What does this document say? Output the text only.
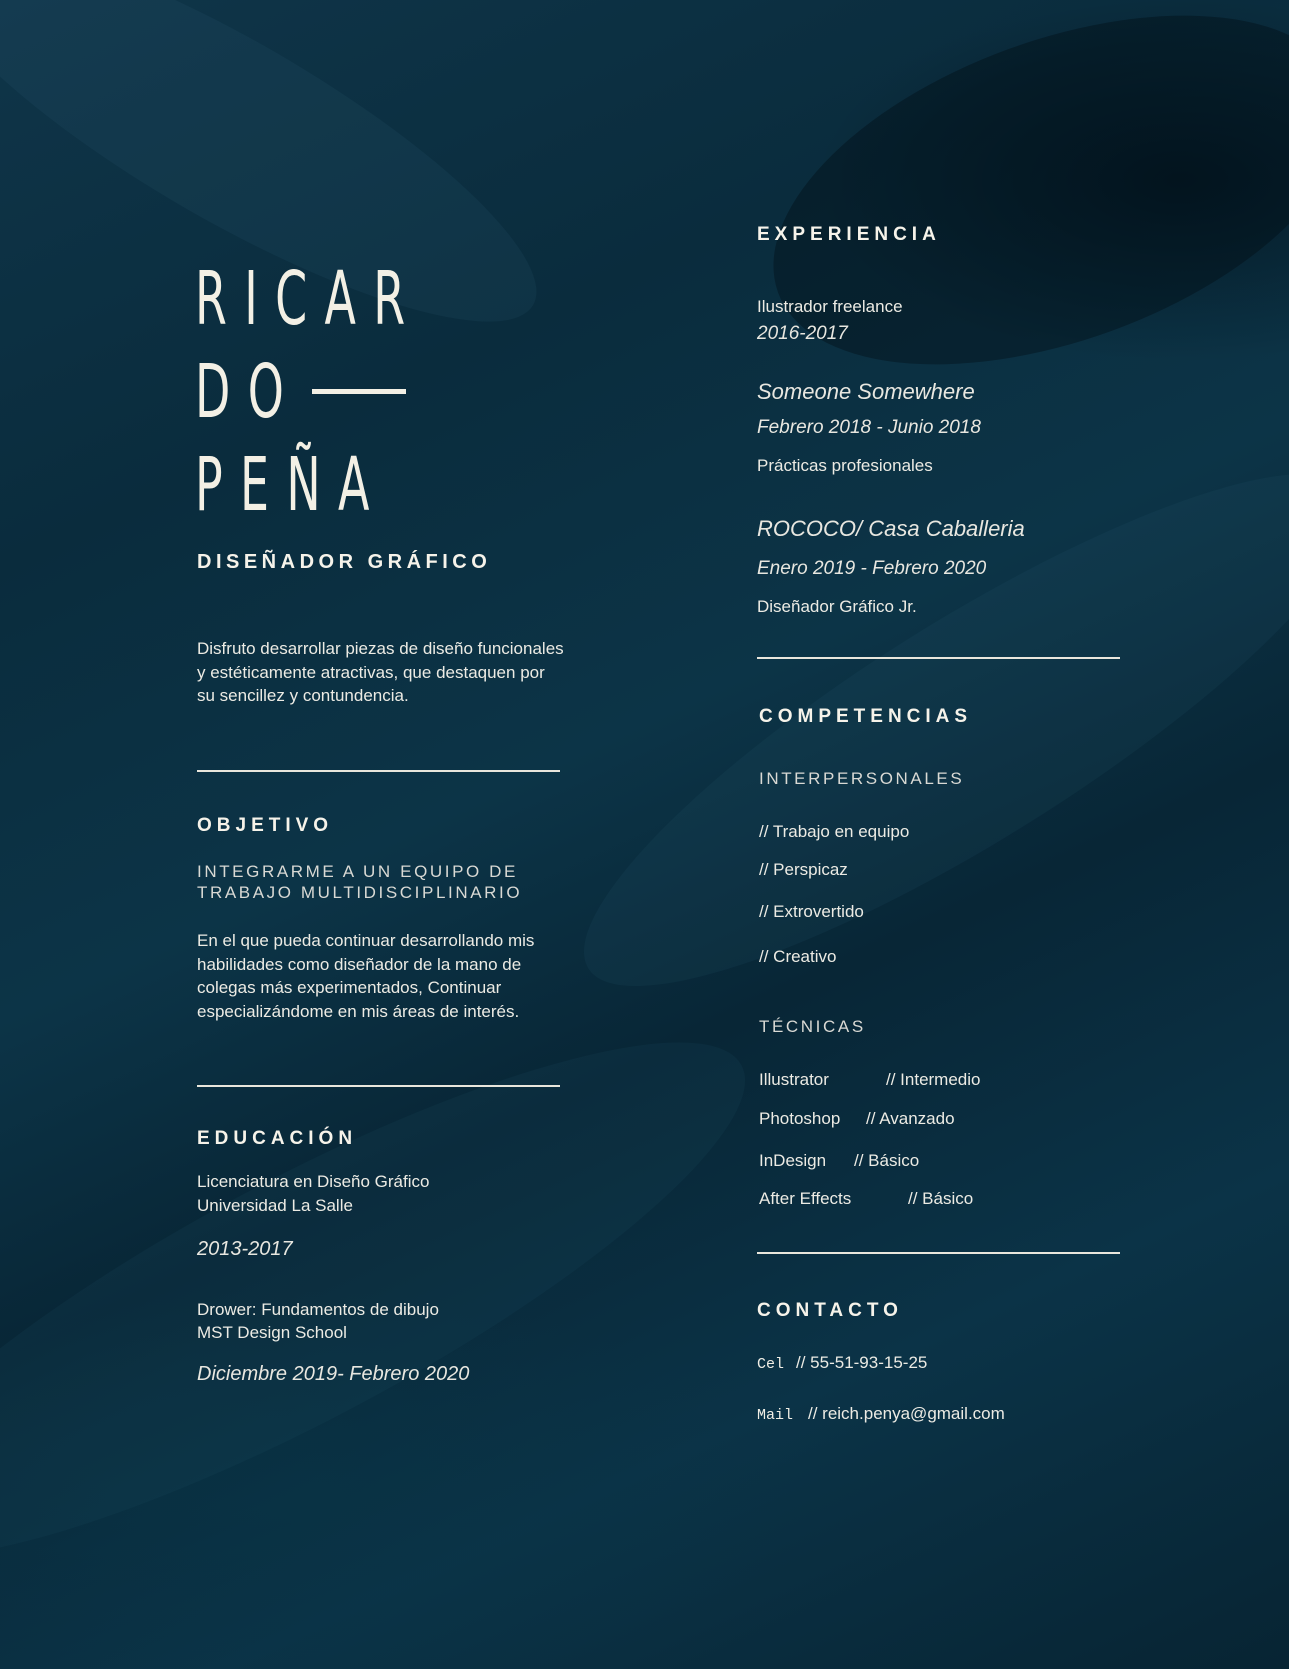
RICAR
DO
PEÑA
DISEÑADOR GRÁFICO
Disfruto desarrollar piezas de diseño funcionales y estéticamente atractivas, que destaquen por su sencillez y contundencia.
OBJETIVO
INTEGRARME A UN EQUIPO DE
TRABAJO MULTIDISCIPLINARIO
En el que pueda continuar desarrollando mis habilidades como diseñador de la mano de colegas más experimentados, Continuar especializándome en mis áreas de interés.
EDUCACIÓN
Licenciatura en Diseño Gráfico
Universidad La Salle
2013-2017
Drower: Fundamentos de dibujo
MST Design School
Diciembre 2019- Febrero 2020
EXPERIENCIA
Ilustrador freelance
2016-2017
Someone Somewhere
Febrero 2018 - Junio 2018
Prácticas profesionales
ROCOCO/ Casa Caballeria
Enero 2019 - Febrero 2020
Diseñador Gráfico Jr.
COMPETENCIAS
INTERPERSONALES
// Trabajo en equipo
// Perspicaz
// Extrovertido
// Creativo
TÉCNICAS
Illustrator	// Intermedio
Photoshop // Avanzado
InDesign // Básico
After Effects	// Básico
CONTACTO
Cel // 55-51-93-15-25
Mail // reich.penya@gmail.com
